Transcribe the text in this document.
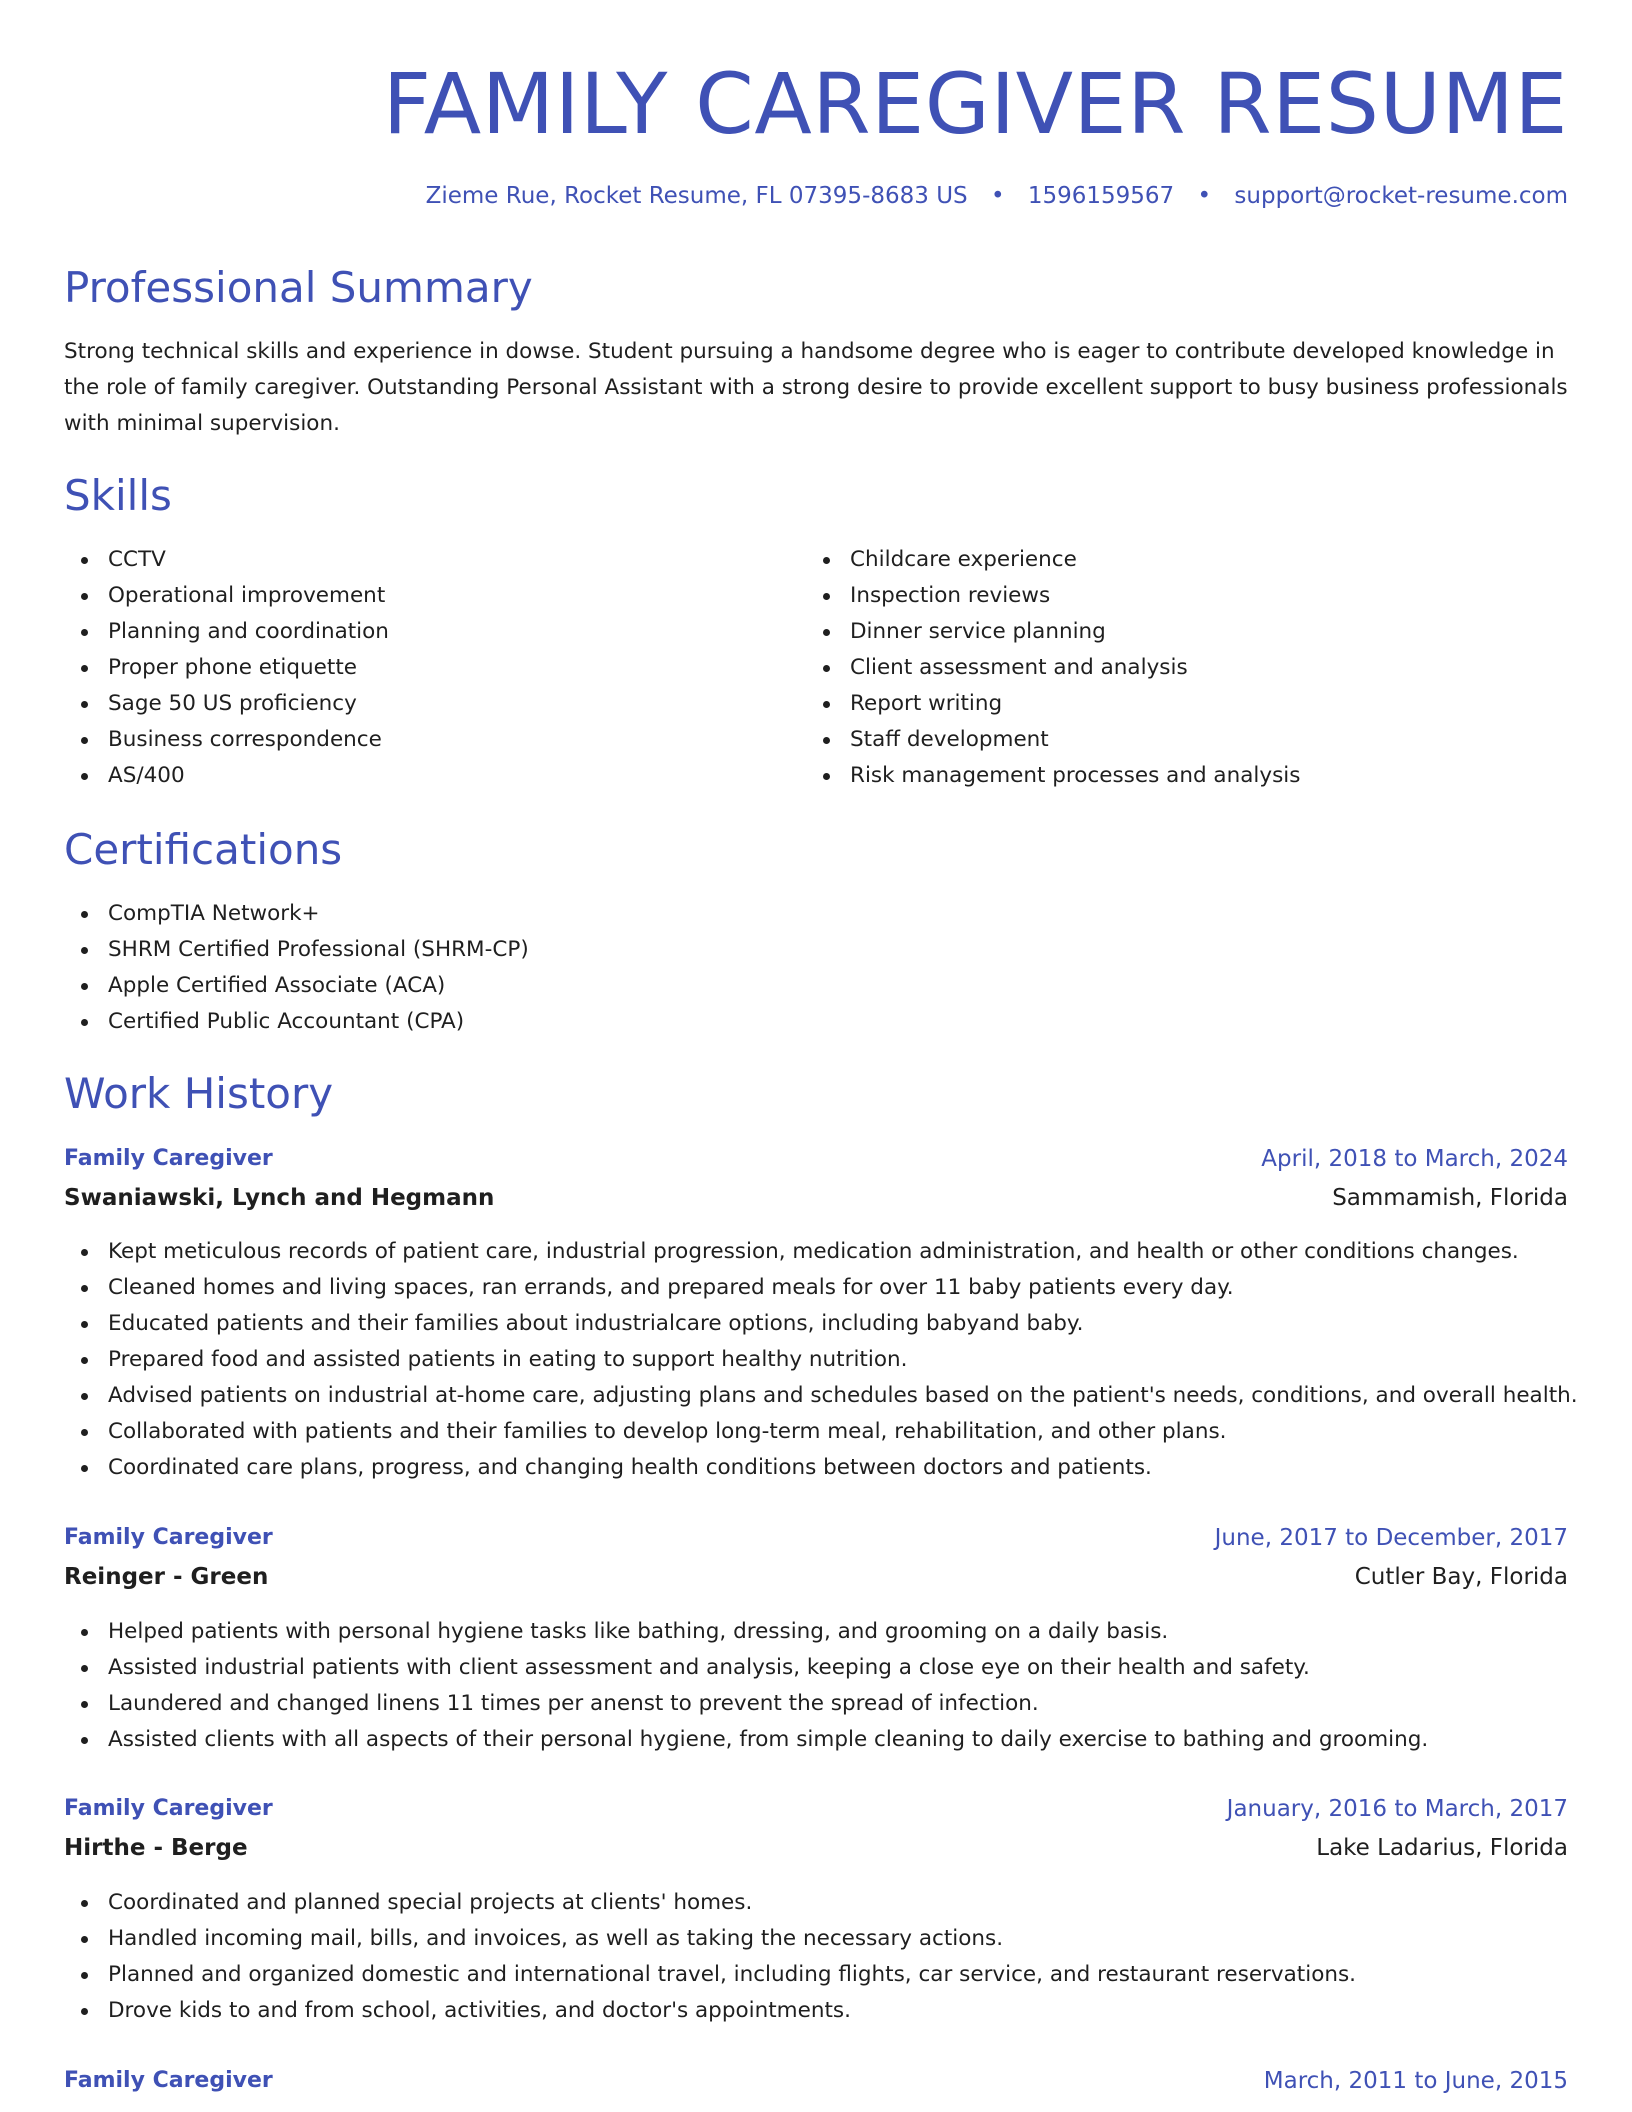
FAMILY CAREGIVER RESUME
Zieme Rue, Rocket Resume, FL 07395-8683 US • 1596159567 • support@rocket-resume.com
Professional Summary

Strong technical skills and experience in dowse. Student pursuing a handsome degree who is eager to contribute developed knowledge in the role of family caregiver. Outstanding Personal Assistant with a strong desire to provide excellent support to busy business professionals with minimal supervision.

Skills
CCTV
Operational improvement
Planning and coordination
Proper phone etiquette
Sage 50 US proficiency
Business correspondence
AS/400
Childcare experience
Inspection reviews
Dinner service planning
Client assessment and analysis
Report writing
Staff development
Risk management processes and analysis
Certifications
CompTIA Network+
SHRM Certified Professional (SHRM-CP)
Apple Certified Associate (ACA)
Certified Public Accountant (CPA)
Work History
Family Caregiver	April, 2018 to March, 2024
Swaniawski, Lynch and Hegmann	Sammamish, Florida
Kept meticulous records of patient care, industrial progression, medication administration, and health or other conditions changes.
Cleaned homes and living spaces, ran errands, and prepared meals for over 11 baby patients every day.
Educated patients and their families about industrialcare options, including babyand baby.
Prepared food and assisted patients in eating to support healthy nutrition.
Advised patients on industrial at-home care, adjusting plans and schedules based on the patient's needs, conditions, and overall health.
Collaborated with patients and their families to develop long-term meal, rehabilitation, and other plans.
Coordinated care plans, progress, and changing health conditions between doctors and patients.
Family Caregiver	June, 2017 to December, 2017
Reinger - Green	Cutler Bay, Florida
Helped patients with personal hygiene tasks like bathing, dressing, and grooming on a daily basis.
Assisted industrial patients with client assessment and analysis, keeping a close eye on their health and safety.
Laundered and changed linens 11 times per anenst to prevent the spread of infection.
Assisted clients with all aspects of their personal hygiene, from simple cleaning to daily exercise to bathing and grooming.
Family Caregiver	January, 2016 to March, 2017
Hirthe - Berge	Lake Ladarius, Florida
Coordinated and planned special projects at clients' homes.
Handled incoming mail, bills, and invoices, as well as taking the necessary actions.
Planned and organized domestic and international travel, including flights, car service, and restaurant reservations.
Drove kids to and from school, activities, and doctor's appointments.
Family Caregiver	March, 2011 to June, 2015
